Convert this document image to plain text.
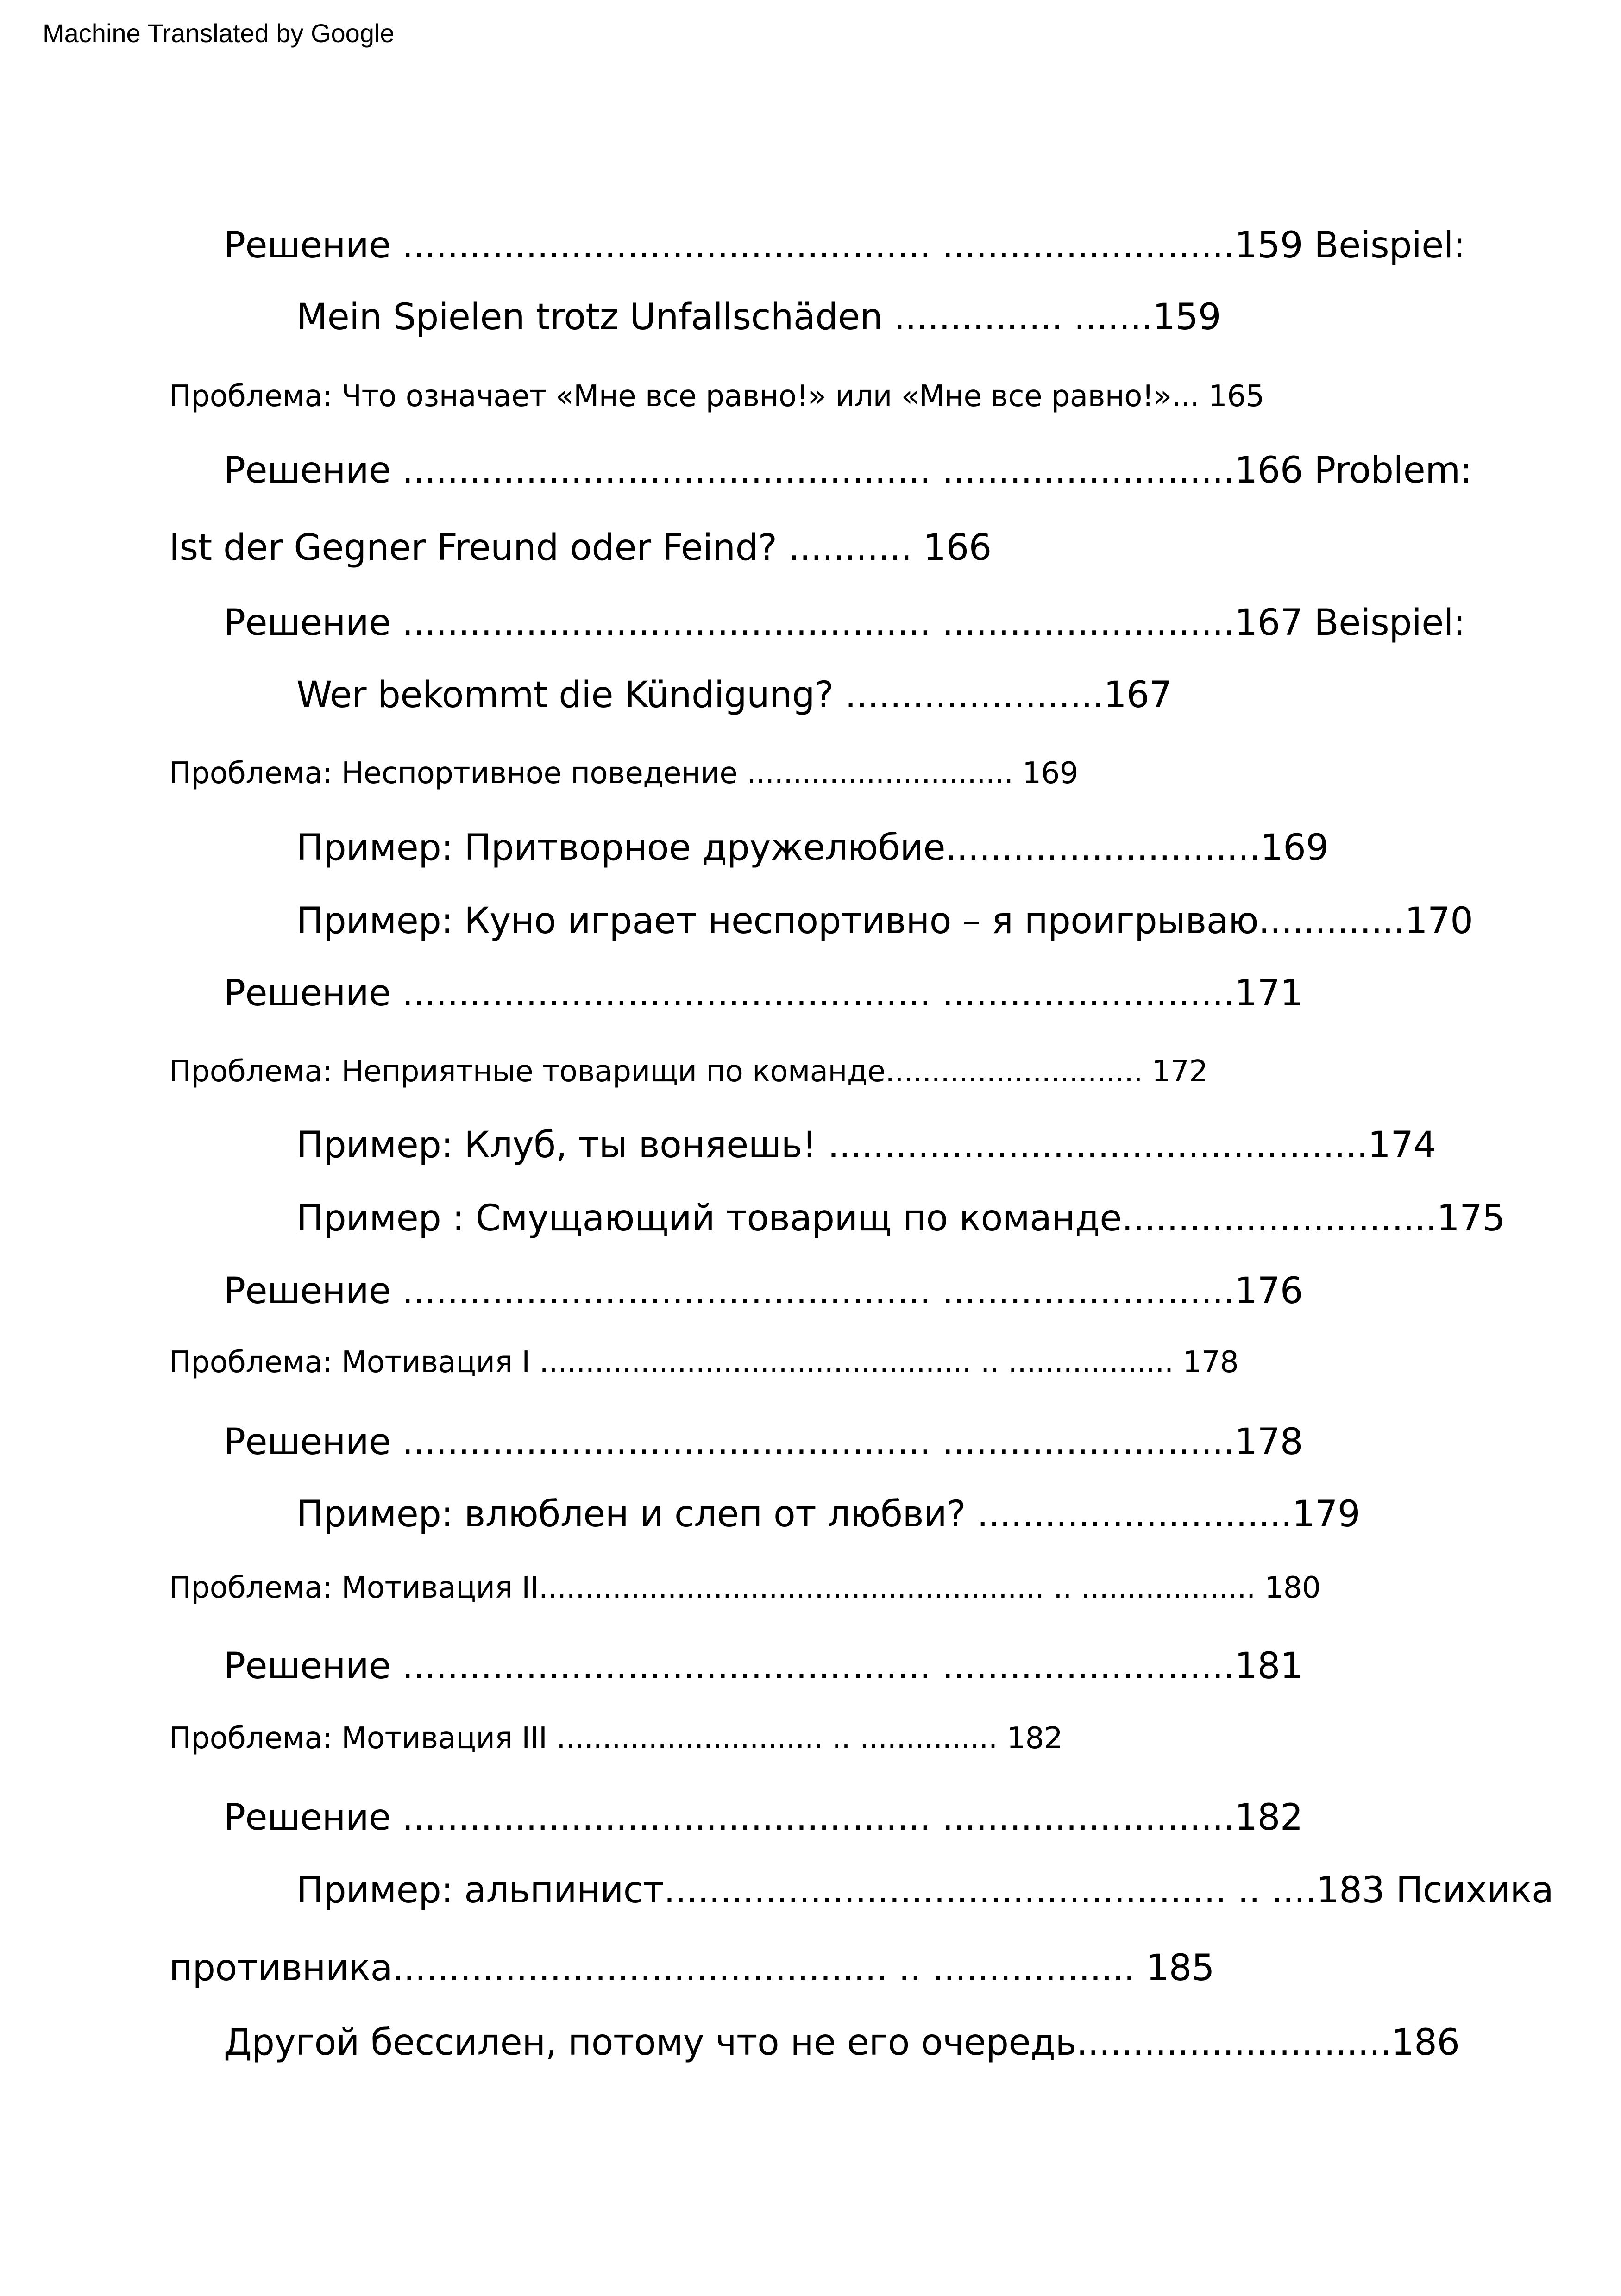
Machine Translated by Google
Решение ............................................... ..........................159 Beispiel:
Mein Spielen trotz Unfallschäden ............... .......159
Проблема: Что означает «Мне все равно!» или «Мне все равно!»... 165
Решение ............................................... ..........................166 Problem:
Ist der Gegner Freund oder Feind? ........... 166
Решение ............................................... ..........................167 Beispiel:
Wer bekommt die Kündigung? .......................167
Проблема: Неспортивное поведение ............................. 169
Пример: Притворное дружелюбие............................169
Пример: Куно играет неспортивно – я проигрываю.............170
Решение ............................................... ..........................171
Проблема: Неприятные товарищи по команде............................ 172
Пример: Клуб, ты воняешь! ................................................174
Пример : Смущающий товарищ по команде............................175
Решение ............................................... ..........................176
Проблема: Мотивация I ............................................... .. .................. 178
Решение ............................................... ..........................178
Пример: влюблен и слеп от любви? ............................179
Проблема: Мотивация II....................................................... .. ................... 180
Решение ............................................... ..........................181
Проблема: Мотивация III ............................. .. ............... 182
Решение ............................................... ..........................182
Пример: альпинист.................................................. .. ....183 Психика
противника............................................ .. .................. 185
Другой бессилен, потому что не его очередь............................186
